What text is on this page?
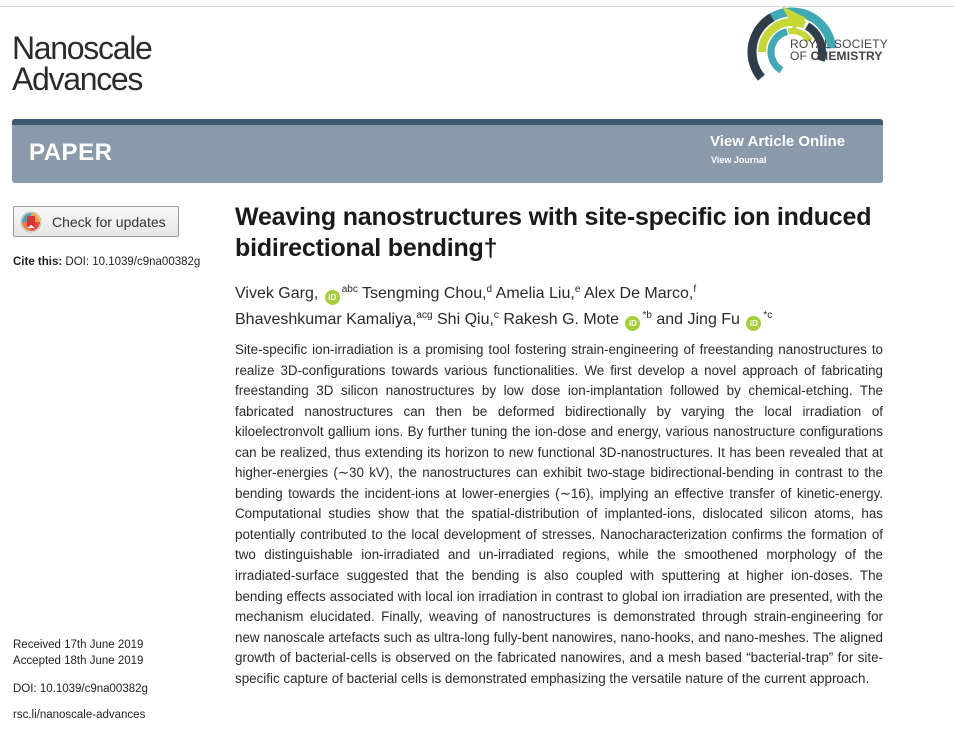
Nanoscale
Advances
ROYAL SOCIETY
OF CHEMISTRY
PAPER	View Article Online
View Journal
Check for updates
Cite this: DOI: 10.1039/c9na00382g
Received 17th June 2019
Accepted 18th June 2019
DOI: 10.1039/c9na00382g
rsc.li/nanoscale-advances
Weaving nanostructures with site-specific ion induced bidirectional bending†
Vivek Garg, $iD^{abc}$ Tsengming Chou,$^d$ Amelia Liu,$^e$ Alex De Marco,$^f$
Bhaveshkumar Kamaliya,$^{acg}$ Shi Qiu,$^c$ Rakesh G. Mote $iD^{*b}$ and Jing Fu $iD^{*c}$

Site-specific ion-irradiation is a promising tool fostering strain-engineering of freestanding nanostructures to realize 3D-configurations towards various functionalities. We first develop a novel approach of fabricating freestanding 3D silicon nanostructures by low dose ion-implantation followed by chemical-etching. The fabricated nanostructures can then be deformed bidirectionally by varying the local irradiation of kiloelectronvolt gallium ions. By further tuning the ion-dose and energy, various nanostructure configurations can be realized, thus extending its horizon to new functional 3D-nanostructures. It has been revealed that at higher-energies (∼30 kV), the nanostructures can exhibit two-stage bidirectional-bending in contrast to the bending towards the incident-ions at lower-energies (∼16), implying an effective transfer of kinetic-energy. Computational studies show that the spatial-distribution of implanted-ions, dislocated silicon atoms, has potentially contributed to the local development of stresses. Nanocharacterization confirms the formation of two distinguishable ion-irradiated and un-irradiated regions, while the smoothened morphology of the irradiated-surface suggested that the bending is also coupled with sputtering at higher ion-doses. The bending effects associated with local ion irradiation in contrast to global ion irradiation are presented, with the mechanism elucidated. Finally, weaving of nanostructures is demonstrated through strain-engineering for new nanoscale artefacts such as ultra-long fully-bent nanowires, nano-hooks, and nano-meshes. The aligned growth of bacterial-cells is observed on the fabricated nanowires, and a mesh based “bacterial-trap” for site-specific capture of bacterial cells is demonstrated emphasizing the versatile nature of the current approach.
